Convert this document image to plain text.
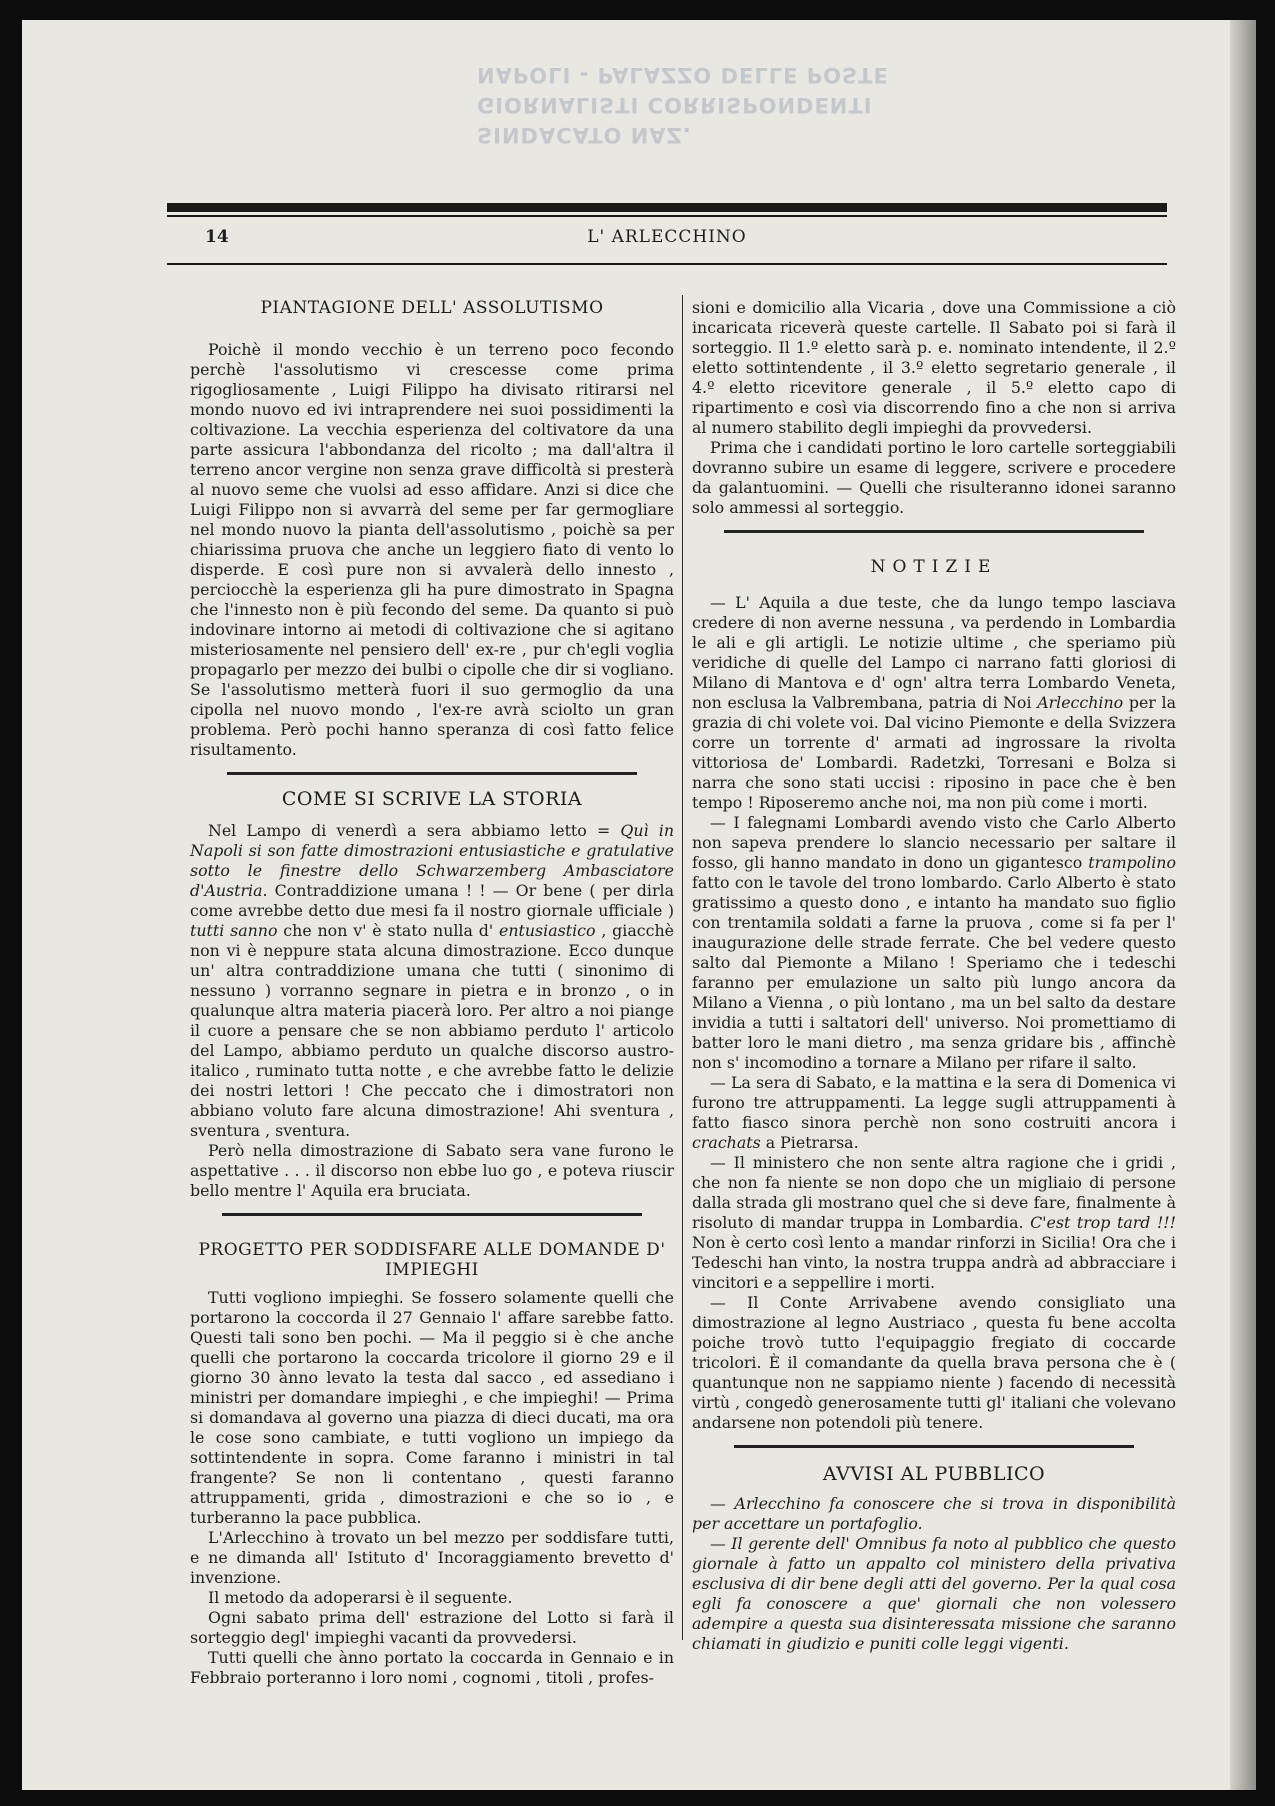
SINDACATO NAZ.
GIORNALISTI CORRISPONDENTI
NAPOLI - PALAZZO DELLE POSTE
14	L' ARLECCHINO
PIANTAGIONE DELL' ASSOLUTISMO

Poichè il mondo vecchio è un terreno poco fecondo perchè l'assolutismo vi crescesse come prima rigogliosamente , Luigi Filippo ha divisato ritirarsi nel mondo nuovo ed ivi intraprendere nei suoi possidimenti la coltivazione. La vecchia esperienza del coltivatore da una parte assicura l'abbondanza del ricolto ; ma dall'altra il terreno ancor vergine non senza grave difficoltà si presterà al nuovo seme che vuolsi ad esso affidare. Anzi si dice che Luigi Filippo non si avvarrà del seme per far germogliare nel mondo nuovo la pianta dell'assolutismo , poichè sa per chiarissima pruova che anche un leggiero fiato di vento lo disperde. E così pure non si avvalerà dello innesto , perciocchè la esperienza gli ha pure dimostrato in Spagna che l'innesto non è più fecondo del seme. Da quanto si può indovinare intorno ai metodi di coltivazione che si agitano misteriosamente nel pensiero dell' ex-re , pur ch'egli voglia propagarlo per mezzo dei bulbi o cipolle che dir si vogliano. Se l'assolutismo metterà fuori il suo germoglio da una cipolla nel nuovo mondo , l'ex-re avrà sciolto un gran problema. Però pochi hanno speranza di così fatto felice risultamento.

COME SI SCRIVE LA STORIA

Nel Lampo di venerdì a sera abbiamo letto = Quì in Napoli si son fatte dimostrazioni entusiastiche e gratulative sotto le finestre dello Schwarzemberg Ambasciatore d'Austria. Contraddizione umana ! ! — Or bene ( per dirla come avrebbe detto due mesi fa il nostro giornale ufficiale ) tutti sanno che non v' è stato nulla d' entusiastico , giacchè non vi è neppure stata alcuna dimostrazione. Ecco dunque un' altra contraddizione umana che tutti ( sinonimo di nessuno ) vorranno segnare in pietra e in bronzo , o in qualunque altra materia piacerà loro. Per altro a noi piange il cuore a pensare che se non abbiamo perduto l' articolo del Lampo, abbiamo perduto un qualche discorso austro-italico , ruminato tutta notte , e che avrebbe fatto le delizie dei nostri lettori ! Che peccato che i dimostratori non abbiano voluto fare alcuna dimostrazione! Ahi sventura , sventura , sventura.

Però nella dimostrazione di Sabato sera vane furono le aspettative . . . il discorso non ebbe luo go , e poteva riuscir bello mentre l' Aquila era bruciata.

PROGETTO PER SODDISFARE ALLE DOMANDE D' IMPIEGHI

Tutti vogliono impieghi. Se fossero solamente quelli che portarono la coccorda il 27 Gennaio l' affare sarebbe fatto. Questi tali sono ben pochi. — Ma il peggio si è che anche quelli che portarono la coccarda tricolore il giorno 29 e il giorno 30 ànno levato la testa dal sacco , ed assediano i ministri per domandare impieghi , e che impieghi! — Prima si domandava al governo una piazza di dieci ducati, ma ora le cose sono cambiate, e tutti vogliono un impiego da sottintendente in sopra. Come faranno i ministri in tal frangente? Se non li contentano , questi faranno attruppamenti, grida , dimostrazioni e che so io , e turberanno la pace pubblica.

L'Arlecchino à trovato un bel mezzo per soddisfare tutti, e ne dimanda all' Istituto d' Incoraggiamento brevetto d' invenzione.

Il metodo da adoperarsi è il seguente.

Ogni sabato prima dell' estrazione del Lotto si farà il sorteggio degl' impieghi vacanti da provvedersi.

Tutti quelli che ànno portato la coccarda in Gennaio e in Febbraio porteranno i loro nomi , cognomi , titoli , profes-

sioni e domicilio alla Vicaria , dove una Commissione a ciò incaricata riceverà queste cartelle. Il Sabato poi si farà il sorteggio. Il 1.º eletto sarà p. e. nominato intendente, il 2.º eletto sottintendente , il 3.º eletto segretario generale , il 4.º eletto ricevitore generale , il 5.º eletto capo di ripartimento e così via discorrendo fino a che non si arriva al numero stabilito degli impieghi da provvedersi.

Prima che i candidati portino le loro cartelle sorteggiabili dovranno subire un esame di leggere, scrivere e procedere da galantuomini. — Quelli che risulteranno idonei saranno solo ammessi al sorteggio.

NOTIZIE

— L' Aquila a due teste, che da lungo tempo lasciava credere di non averne nessuna , va perdendo in Lombardia le ali e gli artigli. Le notizie ultime , che speriamo più veridiche di quelle del Lampo ci narrano fatti gloriosi di Milano di Mantova e d' ogn' altra terra Lombardo Veneta, non esclusa la Valbrembana, patria di Noi Arlecchino per la grazia di chi volete voi. Dal vicino Piemonte e della Svizzera corre un torrente d' armati ad ingrossare la rivolta vittoriosa de' Lombardi. Radetzki, Torresani e Bolza si narra che sono stati uccisi : riposino in pace che è ben tempo ! Riposeremo anche noi, ma non più come i morti.

— I falegnami Lombardi avendo visto che Carlo Alberto non sapeva prendere lo slancio necessario per saltare il fosso, gli hanno mandato in dono un gigantesco trampolino fatto con le tavole del trono lombardo. Carlo Alberto è stato gratissimo a questo dono , e intanto ha mandato suo figlio con trentamila soldati a farne la pruova , come si fa per l' inaugurazione delle strade ferrate. Che bel vedere questo salto dal Piemonte a Milano ! Speriamo che i tedeschi faranno per emulazione un salto più lungo ancora da Milano a Vienna , o più lontano , ma un bel salto da destare invidia a tutti i saltatori dell' universo. Noi promettiamo di batter loro le mani dietro , ma senza gridare bis , affinchè non s' incomodino a tornare a Milano per rifare il salto.

— La sera di Sabato, e la mattina e la sera di Domenica vi furono tre attruppamenti. La legge sugli attruppamenti à fatto fiasco sinora perchè non sono costruiti ancora i crachats a Pietrarsa.

— Il ministero che non sente altra ragione che i gridi , che non fa niente se non dopo che un migliaio di persone dalla strada gli mostrano quel che si deve fare, finalmente à risoluto di mandar truppa in Lombardia. C'est trop tard !!! Non è certo così lento a mandar rinforzi in Sicilia! Ora che i Tedeschi han vinto, la nostra truppa andrà ad abbracciare i vincitori e a seppellire i morti.

— Il Conte Arrivabene avendo consigliato una dimostrazione al legno Austriaco , questa fu bene accolta poiche trovò tutto l'equipaggio fregiato di coccarde tricolori. È il comandante da quella brava persona che è ( quantunque non ne sappiamo niente ) facendo di necessità virtù , congedò generosamente tutti gl' italiani che volevano andarsene non potendoli più tenere.

AVVISI AL PUBBLICO

— Arlecchino fa conoscere che si trova in disponibilità per accettare un portafoglio.

— Il gerente dell' Omnibus fa noto al pubblico che questo giornale à fatto un appalto col ministero della privativa esclusiva di dir bene degli atti del governo. Per la qual cosa egli fa conoscere a que' giornali che non volessero adempire a questa sua disinteressata missione che saranno chiamati in giudizio e puniti colle leggi vigenti.
